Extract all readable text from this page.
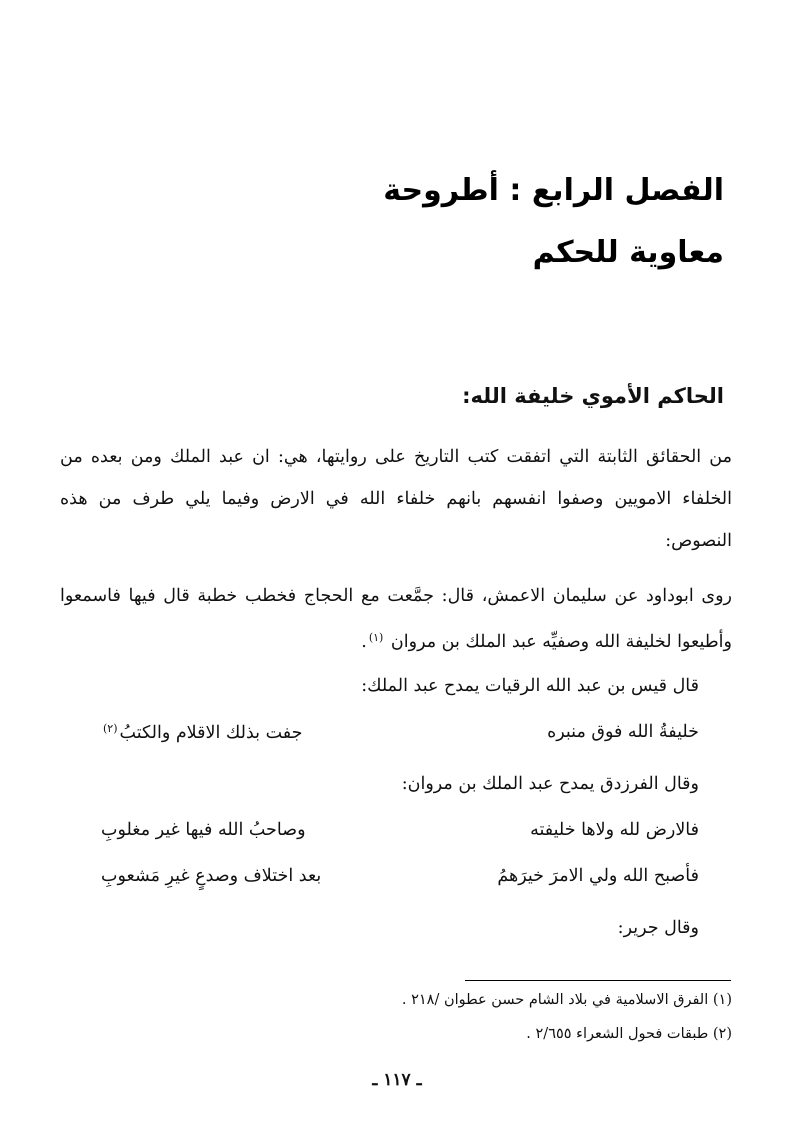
الفصل الرابع : أطروحة
معاوية للحكم
الحاكم الأموي خليفة الله:
من الحقائق الثابتة التي اتفقت كتب التاريخ على روايتها، هي: ان عبد الملك ومن بعده من الخلفاء الامويين وصفوا انفسهم بانهم خلفاء الله في الارض وفيما يلي طرف من هذه النصوص:
روى ابوداود عن سليمان الاعمش، قال: جمَّعت مع الحجاج فخطب خطبة قال فيها فاسمعوا وأطيعوا لخليفة الله وصفيِّه عبد الملك بن مروان $^{(١)}$.
قال قيس بن عبد الله الرقيات يمدح عبد الملك:
خليفةُ الله فوق منبره
جفت بذلك الاقلام والكتبُ$^{(٢)}$
وقال الفرزدق يمدح عبد الملك بن مروان:
فالارض لله ولاها خليفته
وصاحبُ الله فيها غير مغلوبِ
فأصبح الله ولي الامرَ خيرَهمُ
بعد اختلاف وصدعٍ غيرِ مَشعوبِ
وقال جرير:
(١) الفرق الاسلامية في بلاد الشام حسن عطوان /٢١٨ .
(٢) طبقات فحول الشعراء ٢/٦٥٥ .
ـ ١١٧ ـ
